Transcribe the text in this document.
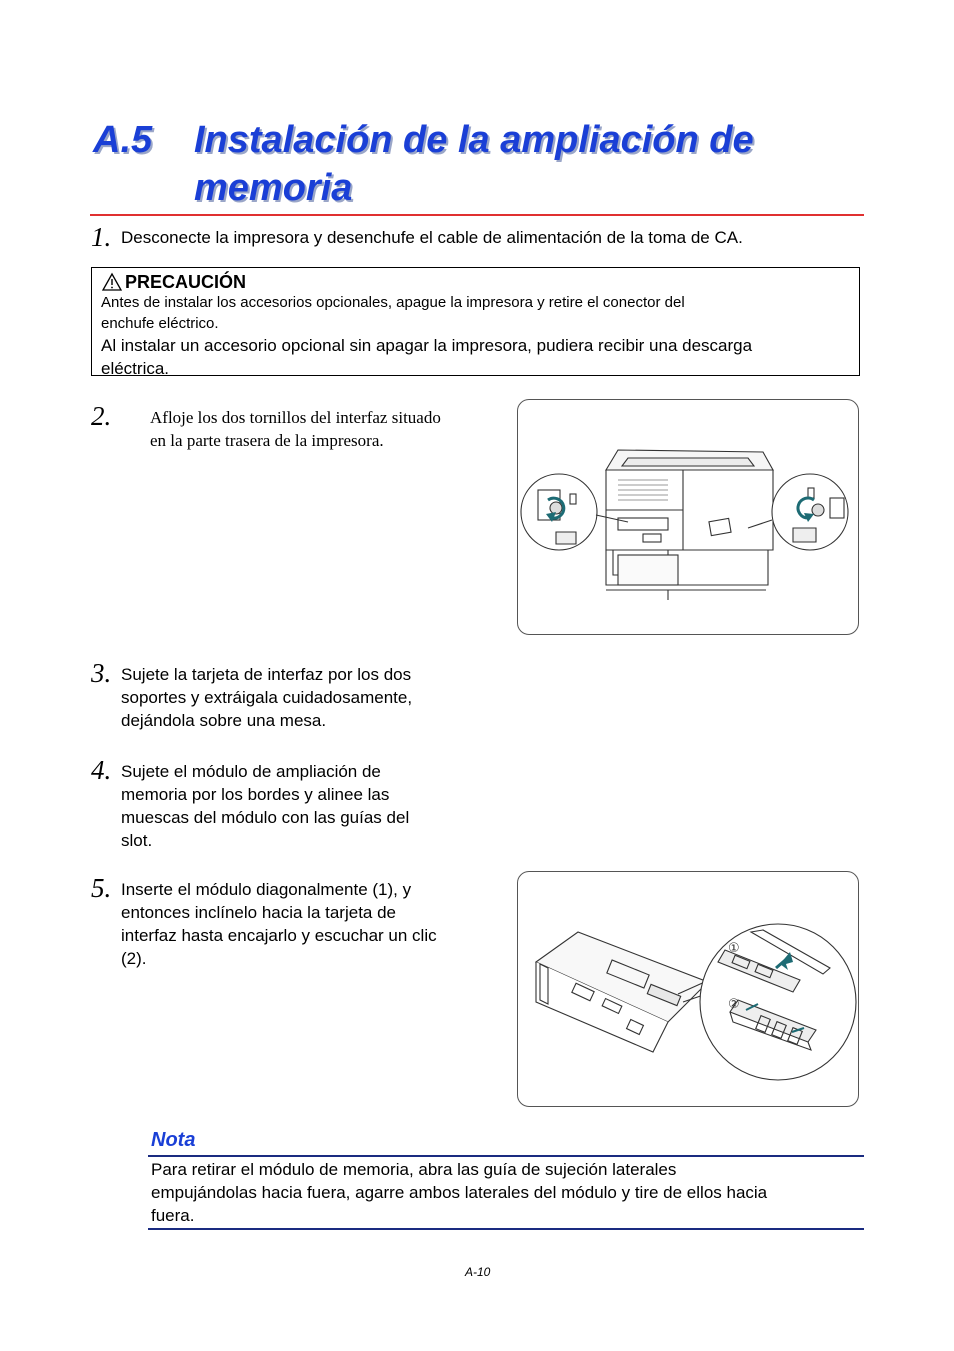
A.5 Instalación de la ampliación de
memoria
1. Desconecte la impresora y desenchufe el cable de alimentación de la toma de CA.
PRECAUCIÓN
Antes de instalar los accesorios opcionales, apague la impresora y retire el conector del
enchufe eléctrico.
Al instalar un accesorio opcional sin apagar la impresora, pudiera recibir una descarga
eléctrica.
2. Afloje los dos tornillos del interfaz situado
en la parte trasera de la impresora.
3. Sujete la tarjeta de interfaz por los dos
soportes y extráigala cuidadosamente,
dejándola sobre una mesa.
4. Sujete el módulo de ampliación de
memoria por los bordes y alinee las
muescas del módulo con las guías del
slot.
5. Inserte el módulo diagonalmente (1), y
entonces inclínelo hacia la tarjeta de
interfaz hasta encajarlo y escuchar un clic
(2).
①
②
Nota
Para retirar el módulo de memoria, abra las guía de sujeción laterales
empujándolas hacia fuera, agarre ambos laterales del módulo y tire de ellos hacia
fuera.
A-10
